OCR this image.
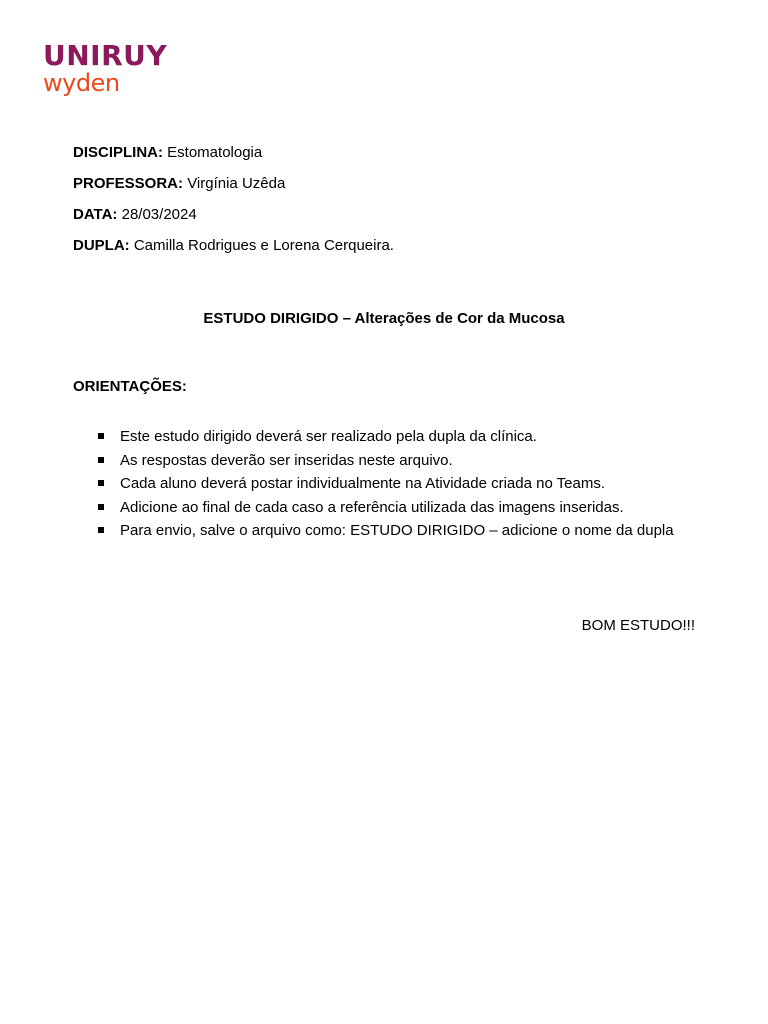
UNIRUY
wyden
DISCIPLINA: Estomatologia
PROFESSORA: Virgínia Uzêda
DATA: 28/03/2024
DUPLA: Camilla Rodrigues e Lorena Cerqueira.
ESTUDO DIRIGIDO – Alterações de Cor da Mucosa
ORIENTAÇÕES:
Este estudo dirigido deverá ser realizado pela dupla da clínica.
As respostas deverão ser inseridas neste arquivo.
Cada aluno deverá postar individualmente na Atividade criada no Teams.
Adicione ao final de cada caso a referência utilizada das imagens inseridas.
Para envio, salve o arquivo como: ESTUDO DIRIGIDO – adicione o nome da dupla
BOM ESTUDO!!!
